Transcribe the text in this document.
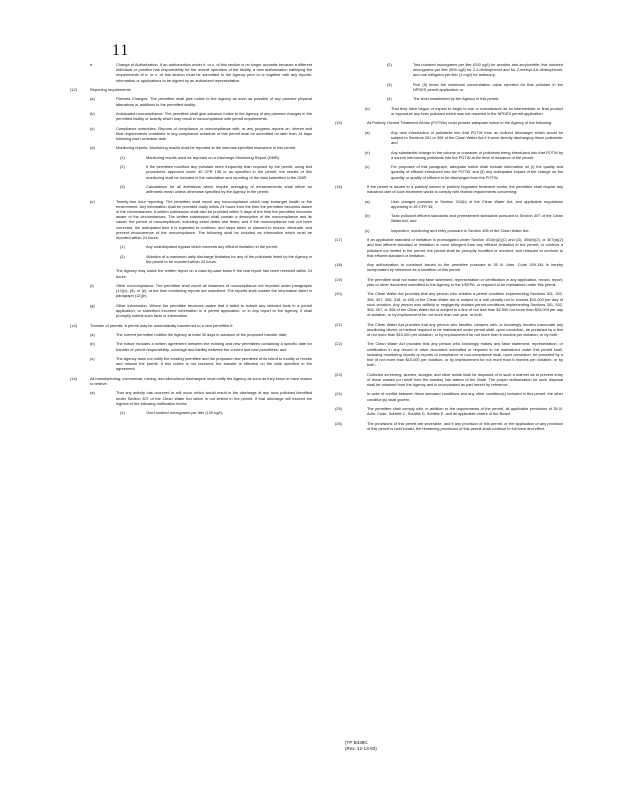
11
e.	Change of Authorization. If an authorization under b. or c. of this section is no longer accurate because a different individual or position has responsibility for the overall operation of the facility, a new authorization satisfying the requirements of b. or c. of this section must be submitted to the Agency prior to or together with any reports, information or applications to be signed by an authorized representative.
(12)	Reporting requirements
(a)	Planned Changes. The permittee shall give notice to the Agency as soon as possible of any planned physical alterations or additions to the permitted facility.
(b)	Anticipated noncompliance. The permittee shall give advance notice to the Agency of any planned changes in the permitted facility or activity which may result in noncompliance with permit requirements.
(c)	Compliance schedules. Reports of compliance or noncompliance with, or any progress reports on, interim and final requirements contained in any compliance schedule of this permit shall be submitted no later than 14 days following each schedule date.
(d)	Monitoring reports. Monitoring results shall be reported at the intervals specified elsewhere in this permit.
(1)	Monitoring results must be reported on a Discharge Monitoring Report (DMR).
(2)	If the permittee monitors any pollutant more frequently than required by the permit, using test procedures approved under 40 CFR 136 or as specified in the permit, the results of this monitoring shall be included in the calculation and reporting of the data submitted in the DMR.
(3)	Calculations for all limitations which require averaging of measurements shall utilize an arithmetic mean unless otherwise specified by the Agency in the permit.
(e)	Twenty-four hour reporting. The permittee shall report any noncompliance which may endanger health or the environment. Any information shall be provided orally within 24 hours from the time the permittee becomes aware of the circumstances. A written submission shall also be provided within 5 days of the time the permittee becomes aware of the circumstances. The written submission shall contain a description of the noncompliance and its cause; the period of noncompliance, including exact dates and times; and if the noncompliance has not been corrected, the anticipated time it is expected to continue; and steps taken or planned to reduce, eliminate, and prevent reoccurrence of the noncompliance. The following shall be included as information which must be reported within 24 hours:
(1)	Any unanticipated bypass which exceeds any effluent limitation in the permit.
(2)	Violation of a maximum daily discharge limitation for any of the pollutants listed by the Agency in the permit to be reported within 24 hours.
The Agency may waive the written report on a case-by-case basis if the oral report has been received within 24 hours.
(f)	Other noncompliance. The permittee shall report all instances of noncompliance not reported under paragraphs (12)(c), (d), or (e), at the time monitoring reports are submitted. The reports shall contain the information listed in paragraph (12)(e).
(g)	Other information. Where the permittee becomes aware that it failed to submit any relevant facts in a permit application, or submitted incorrect information in a permit application, or in any report to the Agency, it shall promptly submit such facts or information.
(13)	Transfer of permits. A permit may be automatically transferred to a new permittee if:
(a)	The current permittee notifies the Agency at least 30 days in advance of the proposed transfer date;
(b)	The notice includes a written agreement between the existing and new permittees containing a specific date for transfer of permit responsibility, coverage and liability between the current and new permittees; and
(c)	The Agency does not notify the existing permittee and the proposed new permittee of its intent to modify or revoke and reissue the permit. If this notice is not received, the transfer is effective on the date specified in the agreement.
(14)	All manufacturing, commercial, mining, and silvicultural dischargers must notify the Agency as soon as they know or have reason to believe:
(a)	That any activity has occurred or will occur which would result in the discharge of any toxic pollutant identified under Section 307 of the Clean Water Act which is not limited in the permit, if that discharge will exceed the highest of the following notification levels:
(1)	One hundred micrograms per liter (100 ug/l);
(2)	Two hundred micrograms per liter (200 ug/l) for acrolein and acrylonitrile; five hundred micrograms per liter (500 ug/l) for 2,4-dinitrophenol and for 2-methyl-4,6-dinitrophenol; and one milligram per liter (1 mg/l) for antimony;
(3)	Five (5) times the maximum concentration value reported for that pollutant in the NPDES permit application; or
(4)	The level established by the Agency in this permit.
(b)	That they have begun or expect to begin to use or manufacture as an intermediate or final product or byproduct any toxic pollutant which was not reported in the NPDES permit application.
(15)	All Publicly Owned Treatment Works (POTWs) must provide adequate notice to the Agency of the following:
(a)	Any new introduction of pollutants into that POTW from an indirect discharger which would be subject to Sections 301 or 306 of the Clean Water Act if it were directly discharging those pollutants; and
(b)	Any substantial change in the volume or character of pollutants being introduced into that POTW by a source introducing pollutants into the POTW at the time of issuance of the permit.
(c)	For purposes of this paragraph, adequate notice shall include information on (i) the quality and quantity of effluent introduced into the POTW, and (ii) any anticipated impact of the change on the quantity or quality of effluent to be discharged from the POTW.
(16)	If the permit is issued to a publicly owned or publicly regulated treatment works, the permittee shall require any industrial user of such treatment works to comply with federal requirements concerning:
(a)	User charges pursuant to Section 204(b) of the Clean Water Act, and applicable regulations appearing in 40 CFR 35;
(b)	Toxic pollutant effluent standards and pretreatment standards pursuant to Section 307 of the Clean Water Act; and
(c)	Inspection, monitoring and entry pursuant to Section 308 of the Clean Water Act.
(17)	If an applicable standard or limitation is promulgated under Section 301(b)(2)(C) and (D), 304(b)(2), or 307(a)(2) and that effluent standard or limitation is more stringent than any effluent limitation in the permit, or controls a pollutant not limited in the permit, the permit shall be promptly modified or revoked, and reissued to conform to that effluent standard or limitation.
(18)	Any authorization to construct issued to the permittee pursuant to 35 Ill. Adm. Code 309.154 is hereby incorporated by reference as a condition of this permit.
(19)	The permittee shall not make any false statement, representation or certification in any application, record, report, plan or other document submitted to the Agency or the USEPA, or required to be maintained under this permit.
(20)	The Clean Water Act provides that any person who violates a permit condition implementing Sections 301, 302, 306, 307, 308, 318, or 405 of the Clean Water Act is subject to a civil penalty not to exceed $10,000 per day of such violation. Any person who willfully or negligently violates permit conditions implementing Sections 301, 302, 306, 307, or 308 of the Clean Water Act is subject to a fine of not less than $2,500 nor more than $25,000 per day of violation, or by imprisonment for not more than one year, or both.
(21)	The Clean Water Act provides that any person who falsifies, tampers with, or knowingly renders inaccurate any monitoring device or method required to be maintained under permit shall, upon conviction, be punished by a fine of not more than $10,000 per violation, or by imprisonment for not more than 6 months per violation, or by both.
(22)	The Clean Water Act provides that any person who knowingly makes any false statement, representation, or certification in any record or other document submitted or required to be maintained under this permit shall, including monitoring reports or reports of compliance or non-compliance shall, upon conviction, be punished by a fine of not more than $10,000 per violation, or by imprisonment for not more than 6 months per violation, or by both.
(23)	Collected screening, slurries, sludges, and other solids shall be disposed of in such a manner as to prevent entry of those wastes (or runoff from the wastes) into waters of the State. The proper authorization for such disposal shall be obtained from the Agency and is incorporated as part hereof by reference.
(24)	In case of conflict between these standard conditions and any other condition(s) included in this permit, the other condition(s) shall govern.
(25)	The permittee shall comply with, in addition to the requirements of the permit, all applicable provisions of 35 Ill. Adm. Code, Subtitle C, Subtitle D, Subtitle E, and all applicable orders of the Board.
(26)	The provisions of this permit are severable, and if any provision of this permit, or the application of any provision of this permit is held invalid, the remaining provisions of this permit shall continue in full force and effect.
(TP B438C
(Rev. 12-13-83)
